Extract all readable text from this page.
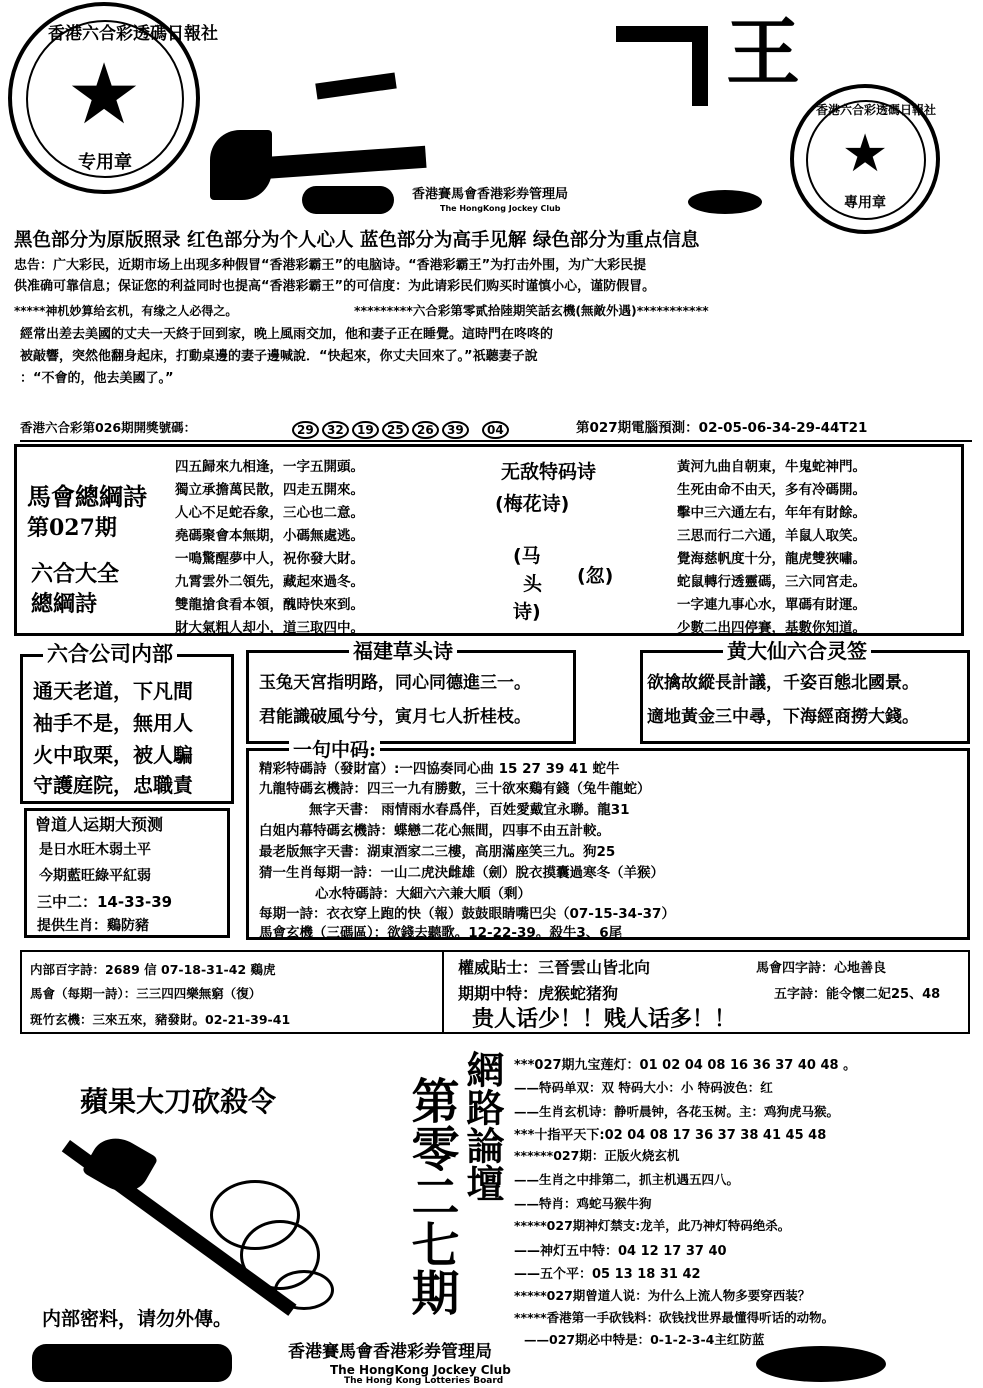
★
香港六合彩透碼日報社
专用章
王
香港賽馬會香港彩券管理局
The HongKong Jockey Club
★
香港六合彩透碼日報社
專用章
黑色部分为原版照录 红色部分为个人心人 蓝色部分为高手见解 绿色部分为重点信息
忠告：广大彩民，近期市场上出现多种假冒“香港彩霸王”的电脑诗。“香港彩霸王”为打击外围，为广大彩民提
供准确可靠信息；保证您的利益同时也提高“香港彩霸王”的可信度：为此请彩民们购买时谨慎小心，谨防假冒。
*****神机妙算给玄机，有缘之人必得之。	*********六合彩第零贰拾陸期笑話玄機(無敵外遇)***********
經常出差去美國的丈夫一天終于回到家，晚上風雨交加，他和妻子正在睡覺。這時門在咚咚的
被敲響，突然他翻身起床，打動桌邊的妻子邊喊說．“快起來，你丈夫回來了。”祇聽妻子說
：“不會的，他去美國了。”
香港六合彩第026期開獎號碼：	29	32	19	25	26	39	04	第027期電腦預測：02-05-06-34-29-44T21
馬會總綱詩
第027期
六合大全
總綱詩
四五歸來九相逢，一字五開頭。
獨立承擔萬民散，四走五開來。
人心不足蛇吞象，三心也二意。
堯碼聚會本無期，小碼無處逃。
一鳴驚醒夢中人，祝你發大財。
九霄雲外二領先，藏起來過冬。
雙龍搶食看本領，醜時快來到。
財大氣粗人却小，道三取四中。
无敌特码诗
(梅花诗)
(马
头
诗)
(忽)
黃河九曲自朝東，牛鬼蛇神門。
生死由命不由天，多有冷碼開。
擊中三六通左右，年年有財餘。
三思而行二六通，羊鼠人取笑。
覺海慈帆度十分，龍虎雙狹嘯。
蛇鼠轉行透靈碼，三六同宮走。
一字連九事心水，單碼有財運。
少數二出四停賽，基數你知道。
六合公司内部
通天老道，下凡間
袖手不是，無用人
火中取栗，被人騙
守護庭院，忠職責
福建草头诗
玉兔天宮指明路，同心同德進三一。
君能識破風兮兮，寅月七人折桂枝。
黄大仙六合灵签
欲擒故縱長計議，千姿百態北國景。
適地黃金三中尋，下海經商撈大錢。
曾道人运期大预测
是日水旺木弱土平
今期藍旺綠平紅弱
三中二：14-33-39
提供生肖：鷄防豬
一句中码:
精彩特碼詩（發財富）:一四協奏同心曲 15 27 39 41 蛇牛
九龍特碼玄機詩：四三一九有勝數，三十欲來鷄有錢（兔牛龍蛇）
無字天書： 雨情雨水春爲伴，百姓愛戴宜永聯。龍31
白姐内幕特碼玄機詩：蝶戀二花心無間，四事不由五計較。
最老版無字天書：湖東酒家二三樓，高朋滿座笑三九。狗25
猜一生肖每期一詩：一山二虎決雌雄（劍）脫衣摸囊過寒冬（羊猴）
心水特碼詩：大細六六兼大順（剩）
每期一詩：衣衣穿上跑的快（報）鼓鼓眼睛嘴巴尖（07-15-34-37）
馬會玄機（三碼區）：欲錢去聽歌。12-22-39。殺牛3、6尾
内部百字詩：2689 信 07-18-31-42 鷄虎
馬會（每期一詩）：三三四四樂無窮（復）
斑竹玄機：三來五來，豬發財。02-21-39-41
權威貼士：三晉雲山皆北向	馬會四字詩：心地善良
期期中特：虎猴蛇猪狗	五字詩：能令懷二妃25、48
贵人话少！！贱人话多！！
蘋果大刀砍殺令
内部密料，请勿外傳。
第零二七期 網路論壇 ***027期九宝莲灯：01 02 04 08 16 36 37 40 48 。
——特码单双：双 特码大小：小 特码波色：红
——生肖玄机诗：静听晨钟，各花玉树。主：鸡狗虎马猴。
***十指平天下:02 04 08 17 36 37 38 41 45 48
******027期：正版火烧玄机
——生肖之中排第二，抓主机遇五四八。
——特肖：鸡蛇马猴牛狗
*****027期神灯禁支:龙羊，此乃神灯特码绝杀。
——神灯五中特：04 12 17 37 40
——五个平：05 13 18 31 42
*****027期曾道人说：为什么上流人物多要穿西装？
*****香港第一手砍钱料：砍钱找世界最懂得听话的动物。
——027期必中特是：0-1-2-3-4主红防蓝
香港賽馬會香港彩券管理局
The HongKong Jockey Club
The Hong Kong Lotteries Board
